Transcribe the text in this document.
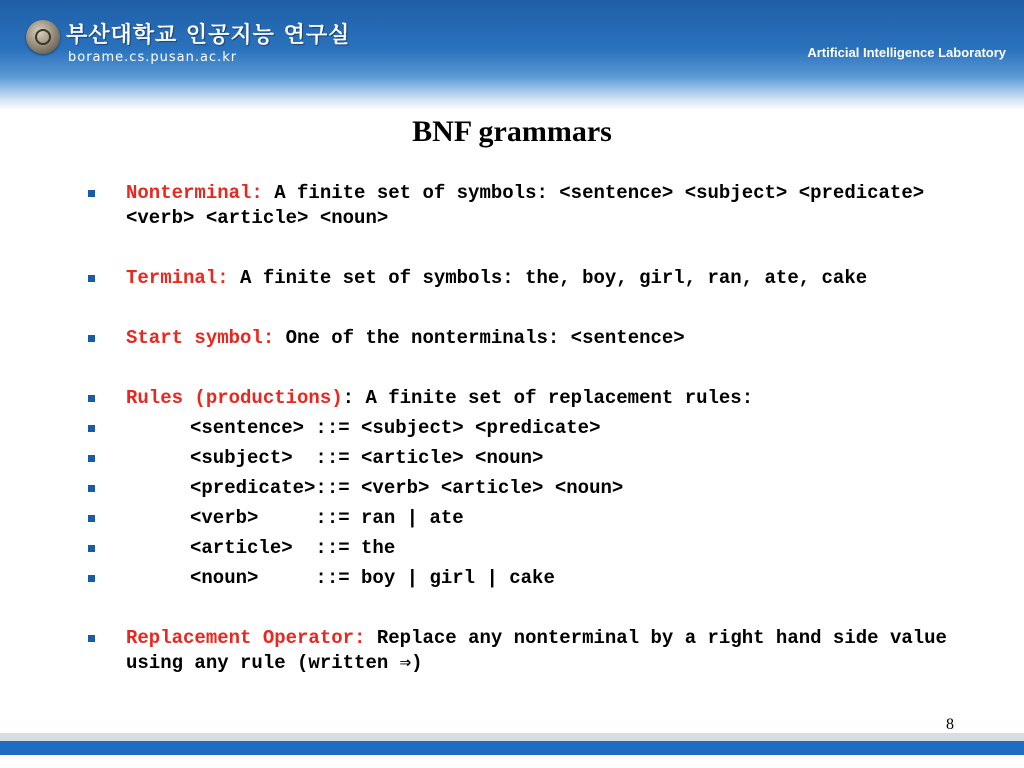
부산대학교 인공지능 연구실
borame.cs.pusan.ac.kr	Artificial Intelligence Laboratory
BNF grammars
Nonterminal: A finite set of symbols: <sentence> <subject> <predicate> <verb> <article> <noun>
Terminal: A finite set of symbols: the, boy, girl, ran, ate, cake
Start symbol: One of the nonterminals: <sentence>
Rules (productions): A finite set of replacement rules:
<sentence> ::= <subject> <predicate>
<subject>  ::= <article> <noun>
<predicate>::= <verb> <article> <noun>
<verb>     ::= ran | ate
<article>  ::= the
<noun>     ::= boy | girl | cake
Replacement Operator: Replace any nonterminal by a right hand side value using any rule (written ⇒)
8
